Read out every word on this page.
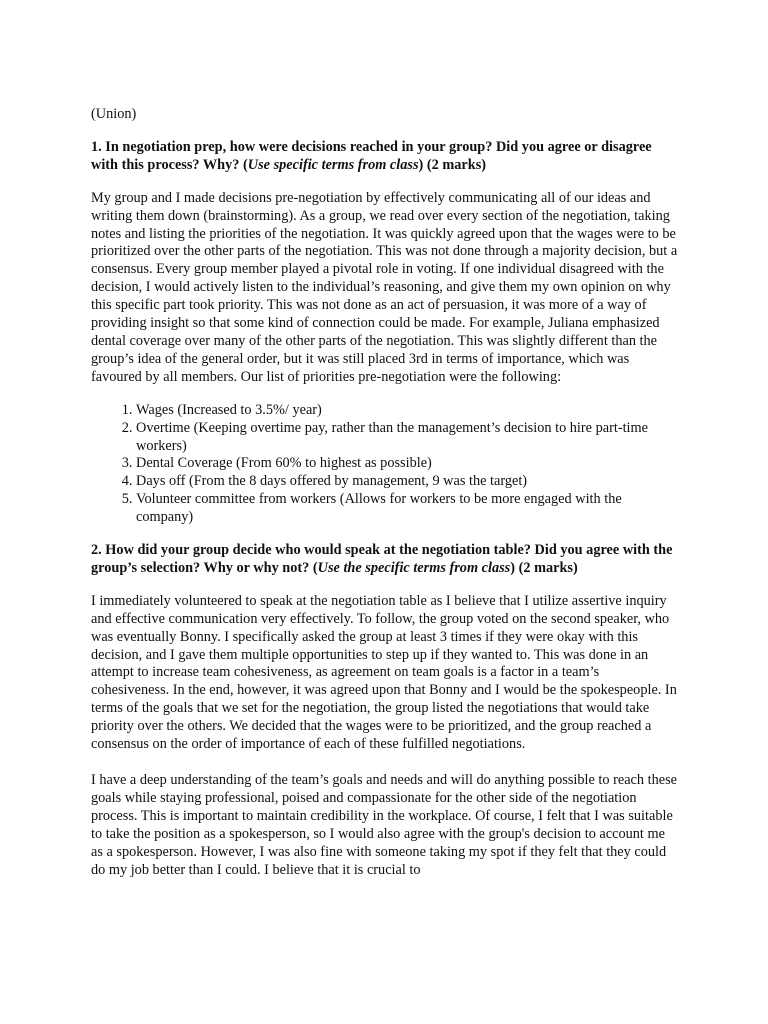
(Union)

1. In negotiation prep, how were decisions reached in your group? Did you agree or disagree with this process? Why? (Use specific terms from class) (2 marks)

My group and I made decisions pre-negotiation by effectively communicating all of our ideas and writing them down (brainstorming). As a group, we read over every section of the negotiation, taking notes and listing the priorities of the negotiation. It was quickly agreed upon that the wages were to be prioritized over the other parts of the negotiation. This was not done through a majority decision, but a consensus. Every group member played a pivotal role in voting. If one individual disagreed with the decision, I would actively listen to the individual’s reasoning, and give them my own opinion on why this specific part took priority. This was not done as an act of persuasion, it was more of a way of providing insight so that some kind of connection could be made. For example, Juliana emphasized dental coverage over many of the other parts of the negotiation. This was slightly different than the group’s idea of the general order, but it was still placed 3rd in terms of importance, which was favoured by all members. Our list of priorities pre-negotiation were the following:

1. Wages (Increased to 3.5%/ year)
2. Overtime (Keeping overtime pay, rather than the management’s decision to hire part-time workers)
3. Dental Coverage (From 60% to highest as possible)
4. Days off (From the 8 days offered by management, 9 was the target)
5. Volunteer committee from workers (Allows for workers to be more engaged with the company)

2. How did your group decide who would speak at the negotiation table? Did you agree with the group’s selection? Why or why not? (Use the specific terms from class) (2 marks)

I immediately volunteered to speak at the negotiation table as I believe that I utilize assertive inquiry and effective communication very effectively. To follow, the group voted on the second speaker, who was eventually Bonny. I specifically asked the group at least 3 times if they were okay with this decision, and I gave them multiple opportunities to step up if they wanted to. This was done in an attempt to increase team cohesiveness, as agreement on team goals is a factor in a team’s cohesiveness. In the end, however, it was agreed upon that Bonny and I would be the spokespeople. In terms of the goals that we set for the negotiation, the group listed the negotiations that would take priority over the others. We decided that the wages were to be prioritized, and the group reached a consensus on the order of importance of each of these fulfilled negotiations.

I have a deep understanding of the team’s goals and needs and will do anything possible to reach these goals while staying professional, poised and compassionate for the other side of the negotiation process. This is important to maintain credibility in the workplace. Of course, I felt that I was suitable to take the position as a spokesperson, so I would also agree with the group's decision to account me as a spokesperson. However, I was also fine with someone taking my spot if they felt that they could do my job better than I could. I believe that it is crucial to
